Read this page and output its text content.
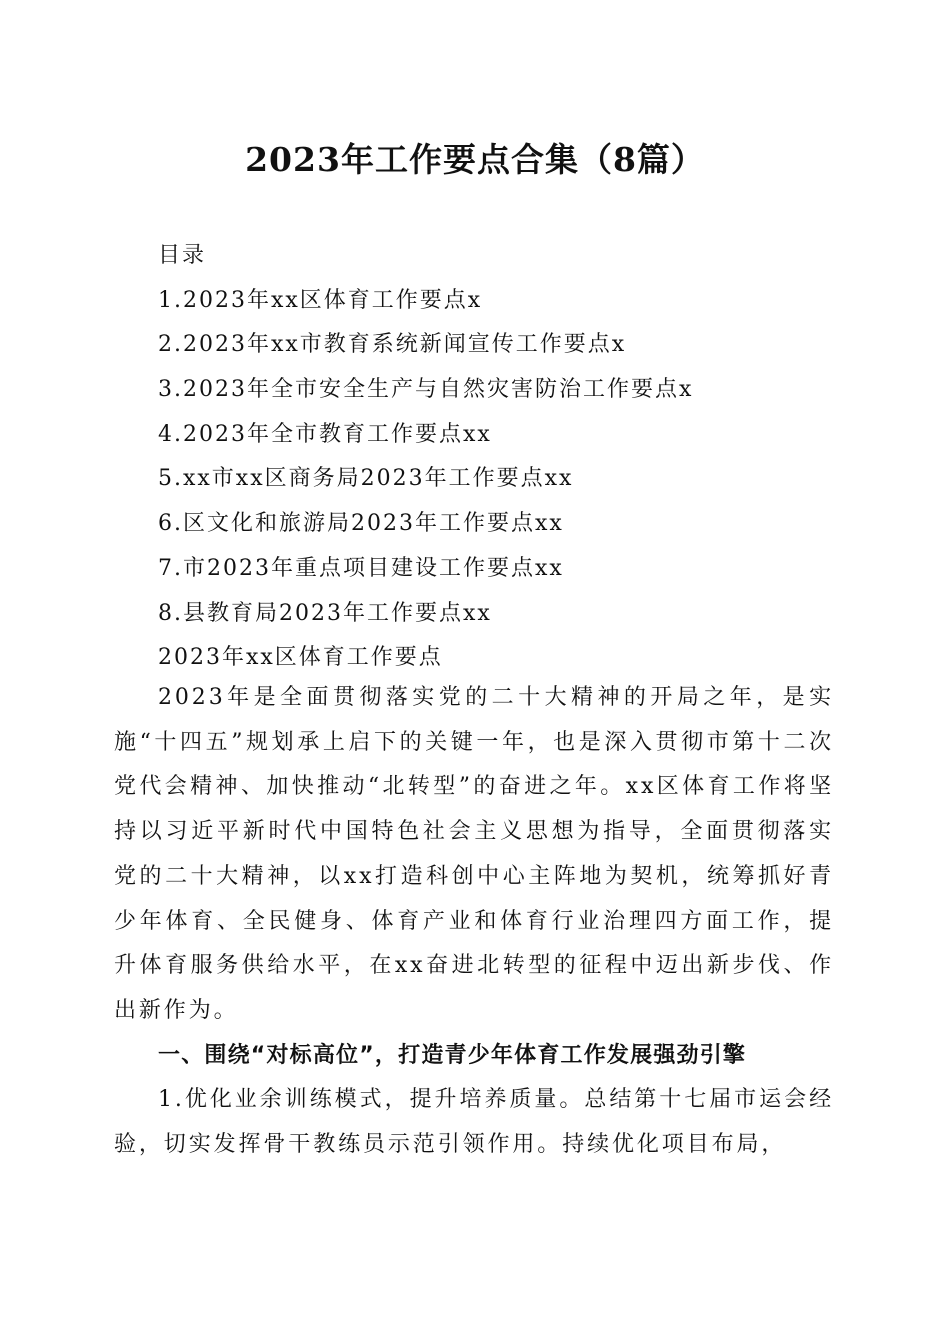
2023年工作要点合集（8篇）
目录
1.2023年xx区体育工作要点x
2.2023年xx市教育系统新闻宣传工作要点x
3.2023年全市安全生产与自然灾害防治工作要点x
4.2023年全市教育工作要点xx
5.xx市xx区商务局2023年工作要点xx
6.区文化和旅游局2023年工作要点xx
7.市2023年重点项目建设工作要点xx
8.县教育局2023年工作要点xx
2023年xx区体育工作要点

2023年是全面贯彻落实党的二十大精神的开局之年，是实施“十四五”规划承上启下的关键一年，也是深入贯彻市第十二次党代会精神、加快推动“北转型”的奋进之年。xx区体育工作将坚持以习近平新时代中国特色社会主义思想为指导，全面贯彻落实党的二十大精神，以xx打造科创中心主阵地为契机，统筹抓好青少年体育、全民健身、体育产业和体育行业治理四方面工作，提升体育服务供给水平，在xx奋进北转型的征程中迈出新步伐、作出新作为。

一、围绕“对标高位”，打造青少年体育工作发展强劲引擎

1.优化业余训练模式，提升培养质量。总结第十七届市运会经验，切实发挥骨干教练员示范引领作用。持续优化项目布局，
